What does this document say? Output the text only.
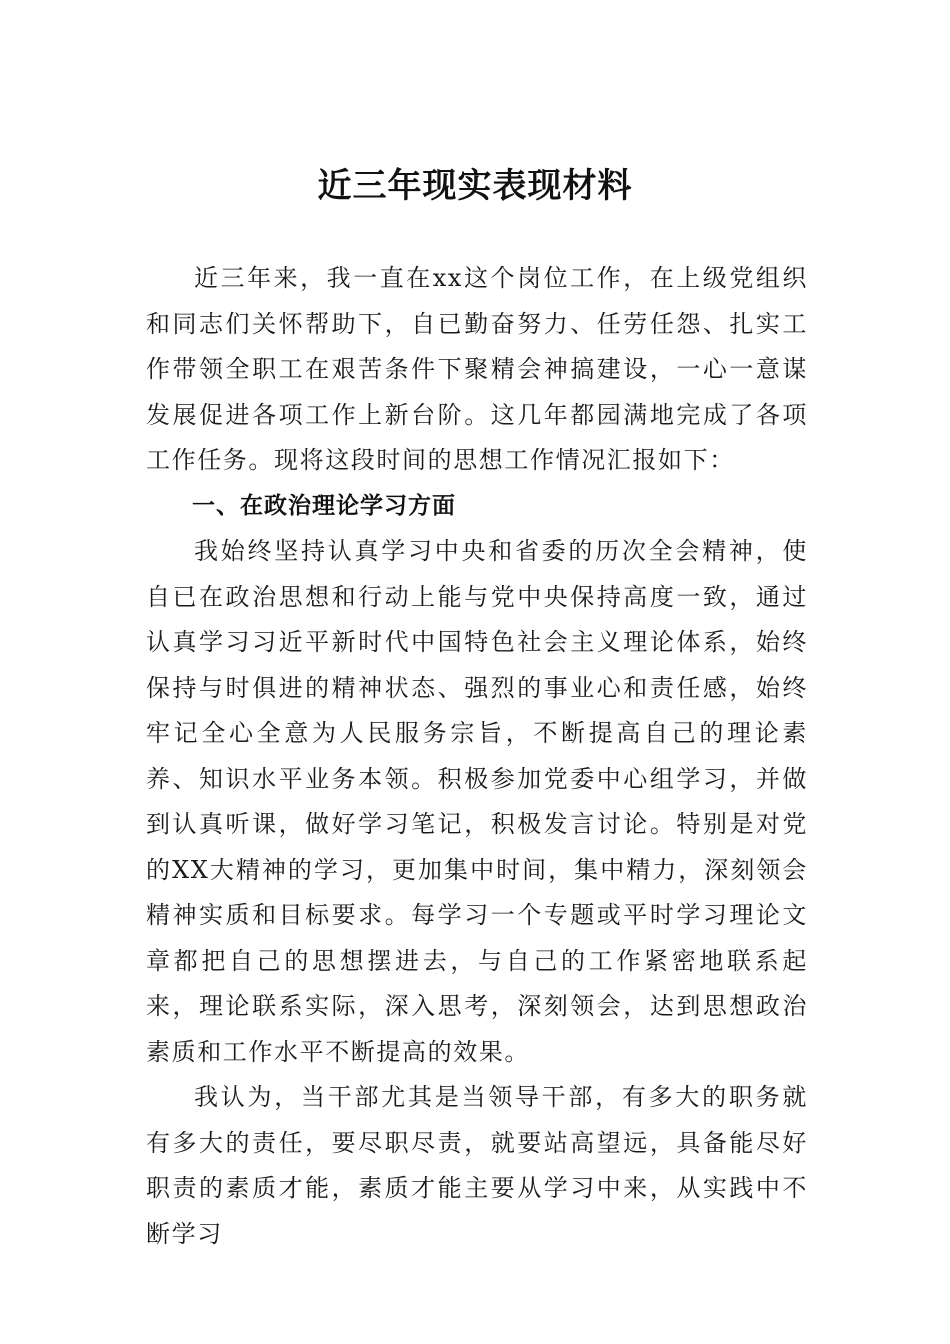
近三年现实表现材料

近三年来，我一直在xx这个岗位工作，在上级党组织和同志们关怀帮助下，自已勤奋努力、任劳任怨、扎实工作带领全职工在艰苦条件下聚精会神搞建设，一心一意谋发展促进各项工作上新台阶。这几年都园满地完成了各项工作任务。现将这段时间的思想工作情况汇报如下：

一、在政治理论学习方面

我始终坚持认真学习中央和省委的历次全会精神，使自已在政治思想和行动上能与党中央保持高度一致，通过认真学习习近平新时代中国特色社会主义理论体系，始终保持与时俱进的精神状态、强烈的事业心和责任感，始终牢记全心全意为人民服务宗旨，不断提高自己的理论素养、知识水平业务本领。积极参加党委中心组学习，并做到认真听课，做好学习笔记，积极发言讨论。特别是对党的XX大精神的学习，更加集中时间，集中精力，深刻领会精神实质和目标要求。每学习一个专题或平时学习理论文章都把自己的思想摆进去，与自己的工作紧密地联系起来，理论联系实际，深入思考，深刻领会，达到思想政治素质和工作水平不断提高的效果。

我认为，当干部尤其是当领导干部，有多大的职务就有多大的责任，要尽职尽责，就要站高望远，具备能尽好职责的素质才能，素质才能主要从学习中来，从实践中不断学习
